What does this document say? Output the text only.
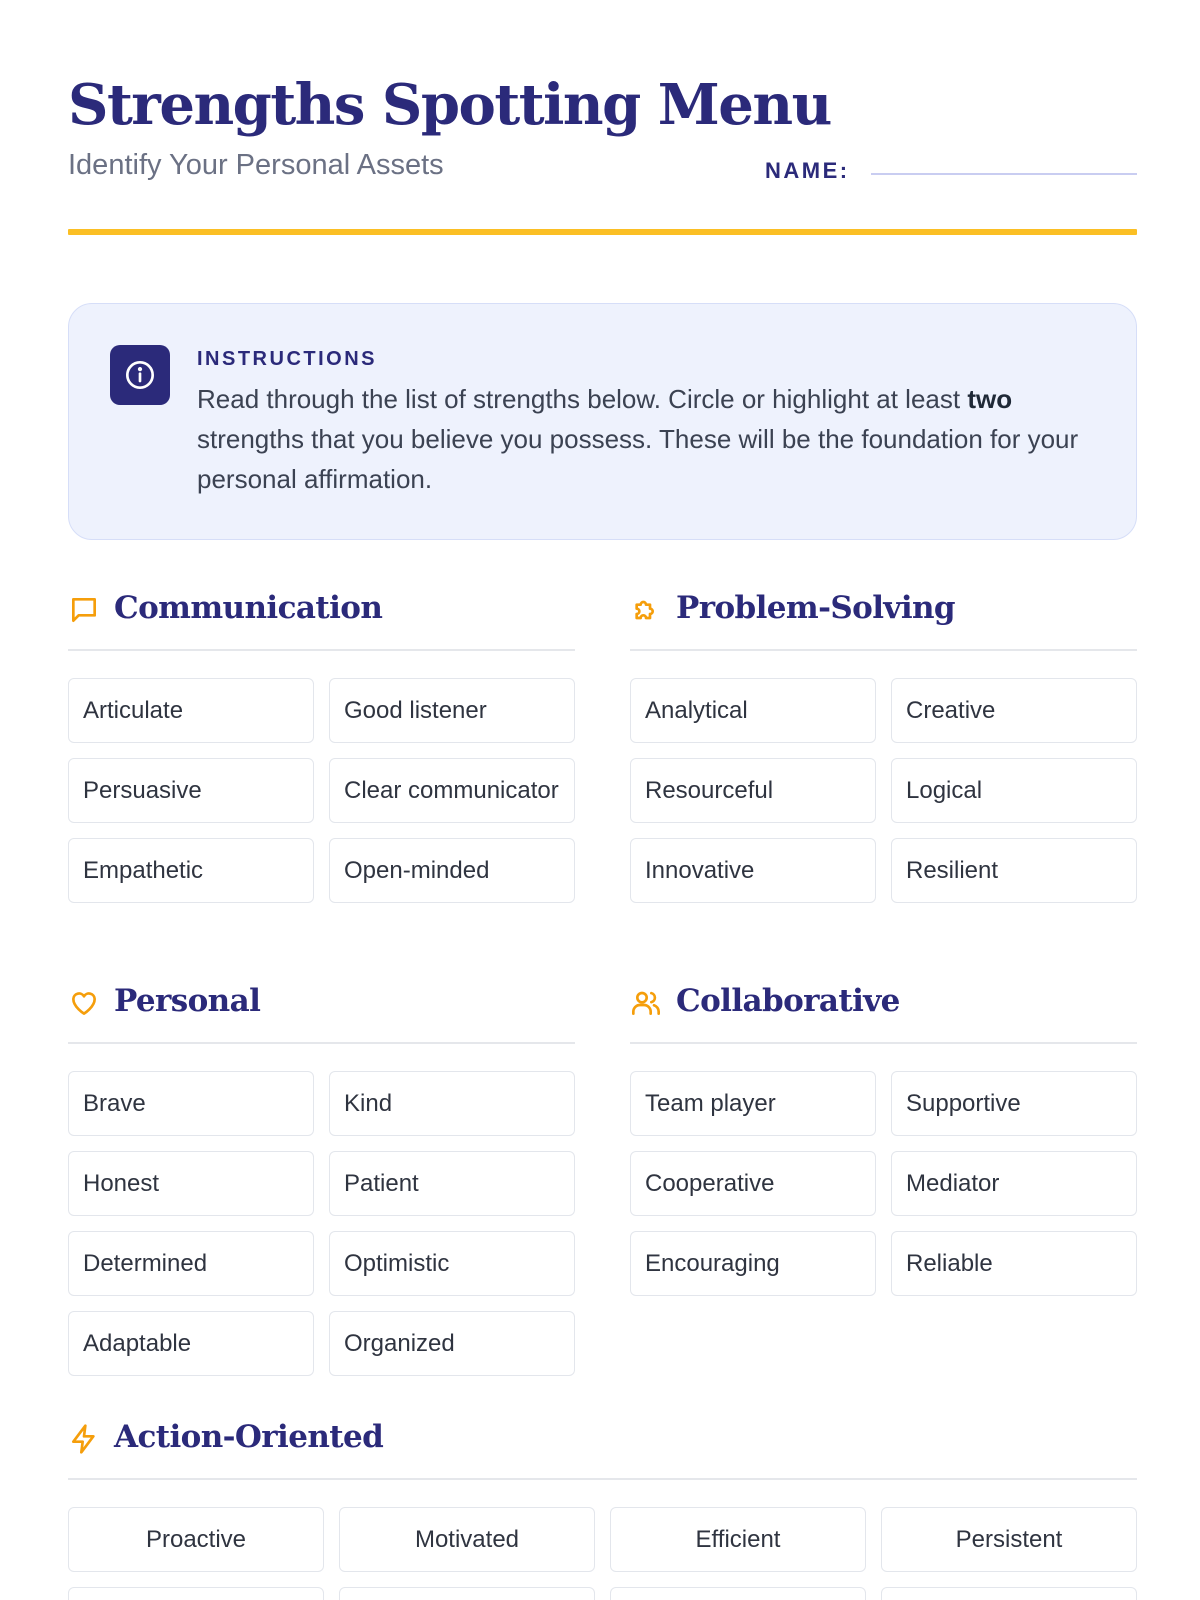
Strengths Spotting Menu
Identify Your Personal Assets	NAME:
INSTRUCTIONS

Read through the list of strengths below. Circle or highlight at least two strengths that you believe you possess. These will be the foundation for your personal affirmation.

Communication
Articulate	Good listener
Persuasive	Clear communicator
Empathetic	Open-minded
Problem-Solving
Analytical	Creative
Resourceful	Logical
Innovative	Resilient
Personal
Brave	Kind
Honest	Patient
Determined	Optimistic
Adaptable	Organized
Collaborative
Team player	Supportive
Cooperative	Mediator
Encouraging	Reliable
Action-Oriented
Proactive	Motivated	Efficient	Persistent
